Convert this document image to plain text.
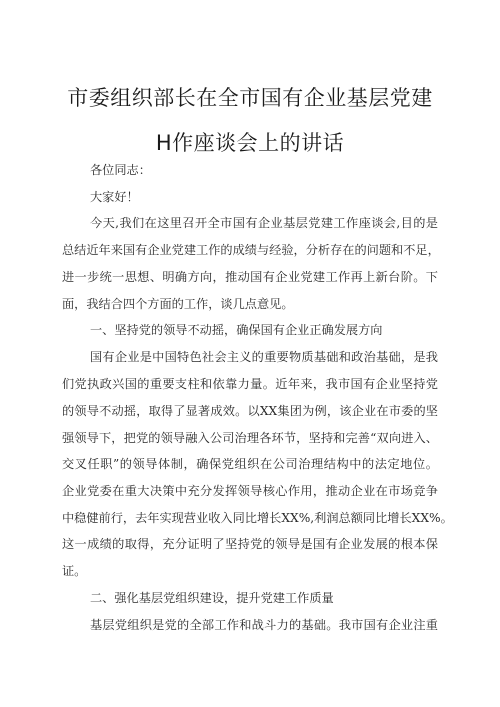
市委组织部长在全市国有企业基层党建
H作座谈会上的讲话
各位同志：
大家好！
今天,我们在这里召开全市国有企业基层党建工作座谈会,目的是
总结近年来国有企业党建工作的成绩与经验，分析存在的问题和不足，
进一步统一思想、明确方向，推动国有企业党建工作再上新台阶。下
面，我结合四个方面的工作，谈几点意见。
一、坚持党的领导不动摇，确保国有企业正确发展方向
国有企业是中国特色社会主义的重要物质基础和政治基础，是我
们党执政兴国的重要支柱和依靠力量。近年来，我市国有企业坚持党
的领导不动摇，取得了显著成效。以XX集团为例，该企业在市委的坚
强领导下，把党的领导融入公司治理各环节，坚持和完善“双向进入、
交叉任职”的领导体制，确保党组织在公司治理结构中的法定地位。
企业党委在重大决策中充分发挥领导核心作用，推动企业在市场竞争
中稳健前行，去年实现营业收入同比增长XX%,利润总额同比增长XX%。
这一成绩的取得，充分证明了坚持党的领导是国有企业发展的根本保
证。
二、强化基层党组织建设，提升党建工作质量
基层党组织是党的全部工作和战斗力的基础。我市国有企业注重
